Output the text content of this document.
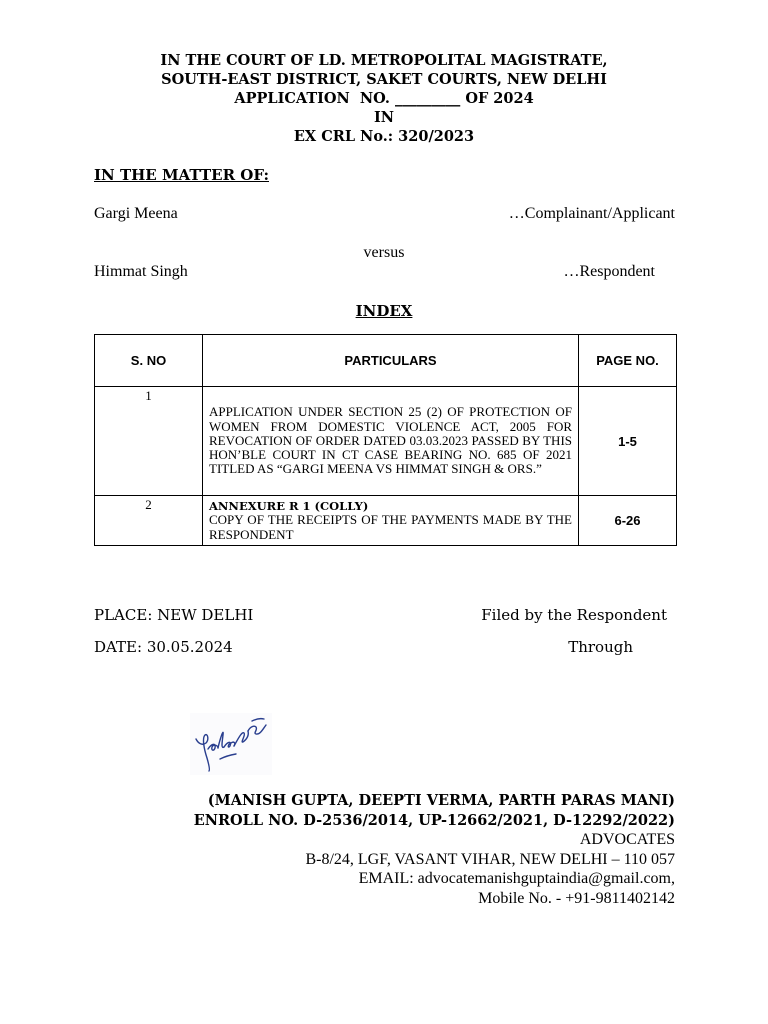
IN THE COURT OF LD. METROPOLITAL MAGISTRATE,
SOUTH-EAST DISTRICT, SAKET COURTS, NEW DELHI
APPLICATION  NO. _________ OF 2024
IN
EX CRL No.: 320/2023
IN THE MATTER OF:
Gargi Meena	…Complainant/Applicant
versus
Himmat Singh	…Respondent
INDEX
S. NO	PARTICULARS	PAGE NO.
1	APPLICATION UNDER SECTION 25 (2) OF PROTECTION OF WOMEN FROM DOMESTIC VIOLENCE ACT, 2005 FOR REVOCATION OF ORDER DATED 03.03.2023 PASSED BY THIS HON’BLE COURT IN CT CASE BEARING NO. 685 OF 2021 TITLED AS “GARGI MEENA VS HIMMAT SINGH & ORS.”	1-5
2	ANNEXURE R 1 (COLLY)
COPY OF THE RECEIPTS OF THE PAYMENTS MADE BY THE RESPONDENT	6-26
PLACE: NEW DELHI	Filed by the Respondent
DATE: 30.05.2024	Through
(MANISH GUPTA, DEEPTI VERMA, PARTH PARAS MANI)
ENROLL NO. D-2536/2014, UP-12662/2021, D-12292/2022)
ADVOCATES
B-8/24, LGF, VASANT VIHAR, NEW DELHI – 110 057
EMAIL: advocatemanishguptaindia@gmail.com,
Mobile No. - +91-9811402142
